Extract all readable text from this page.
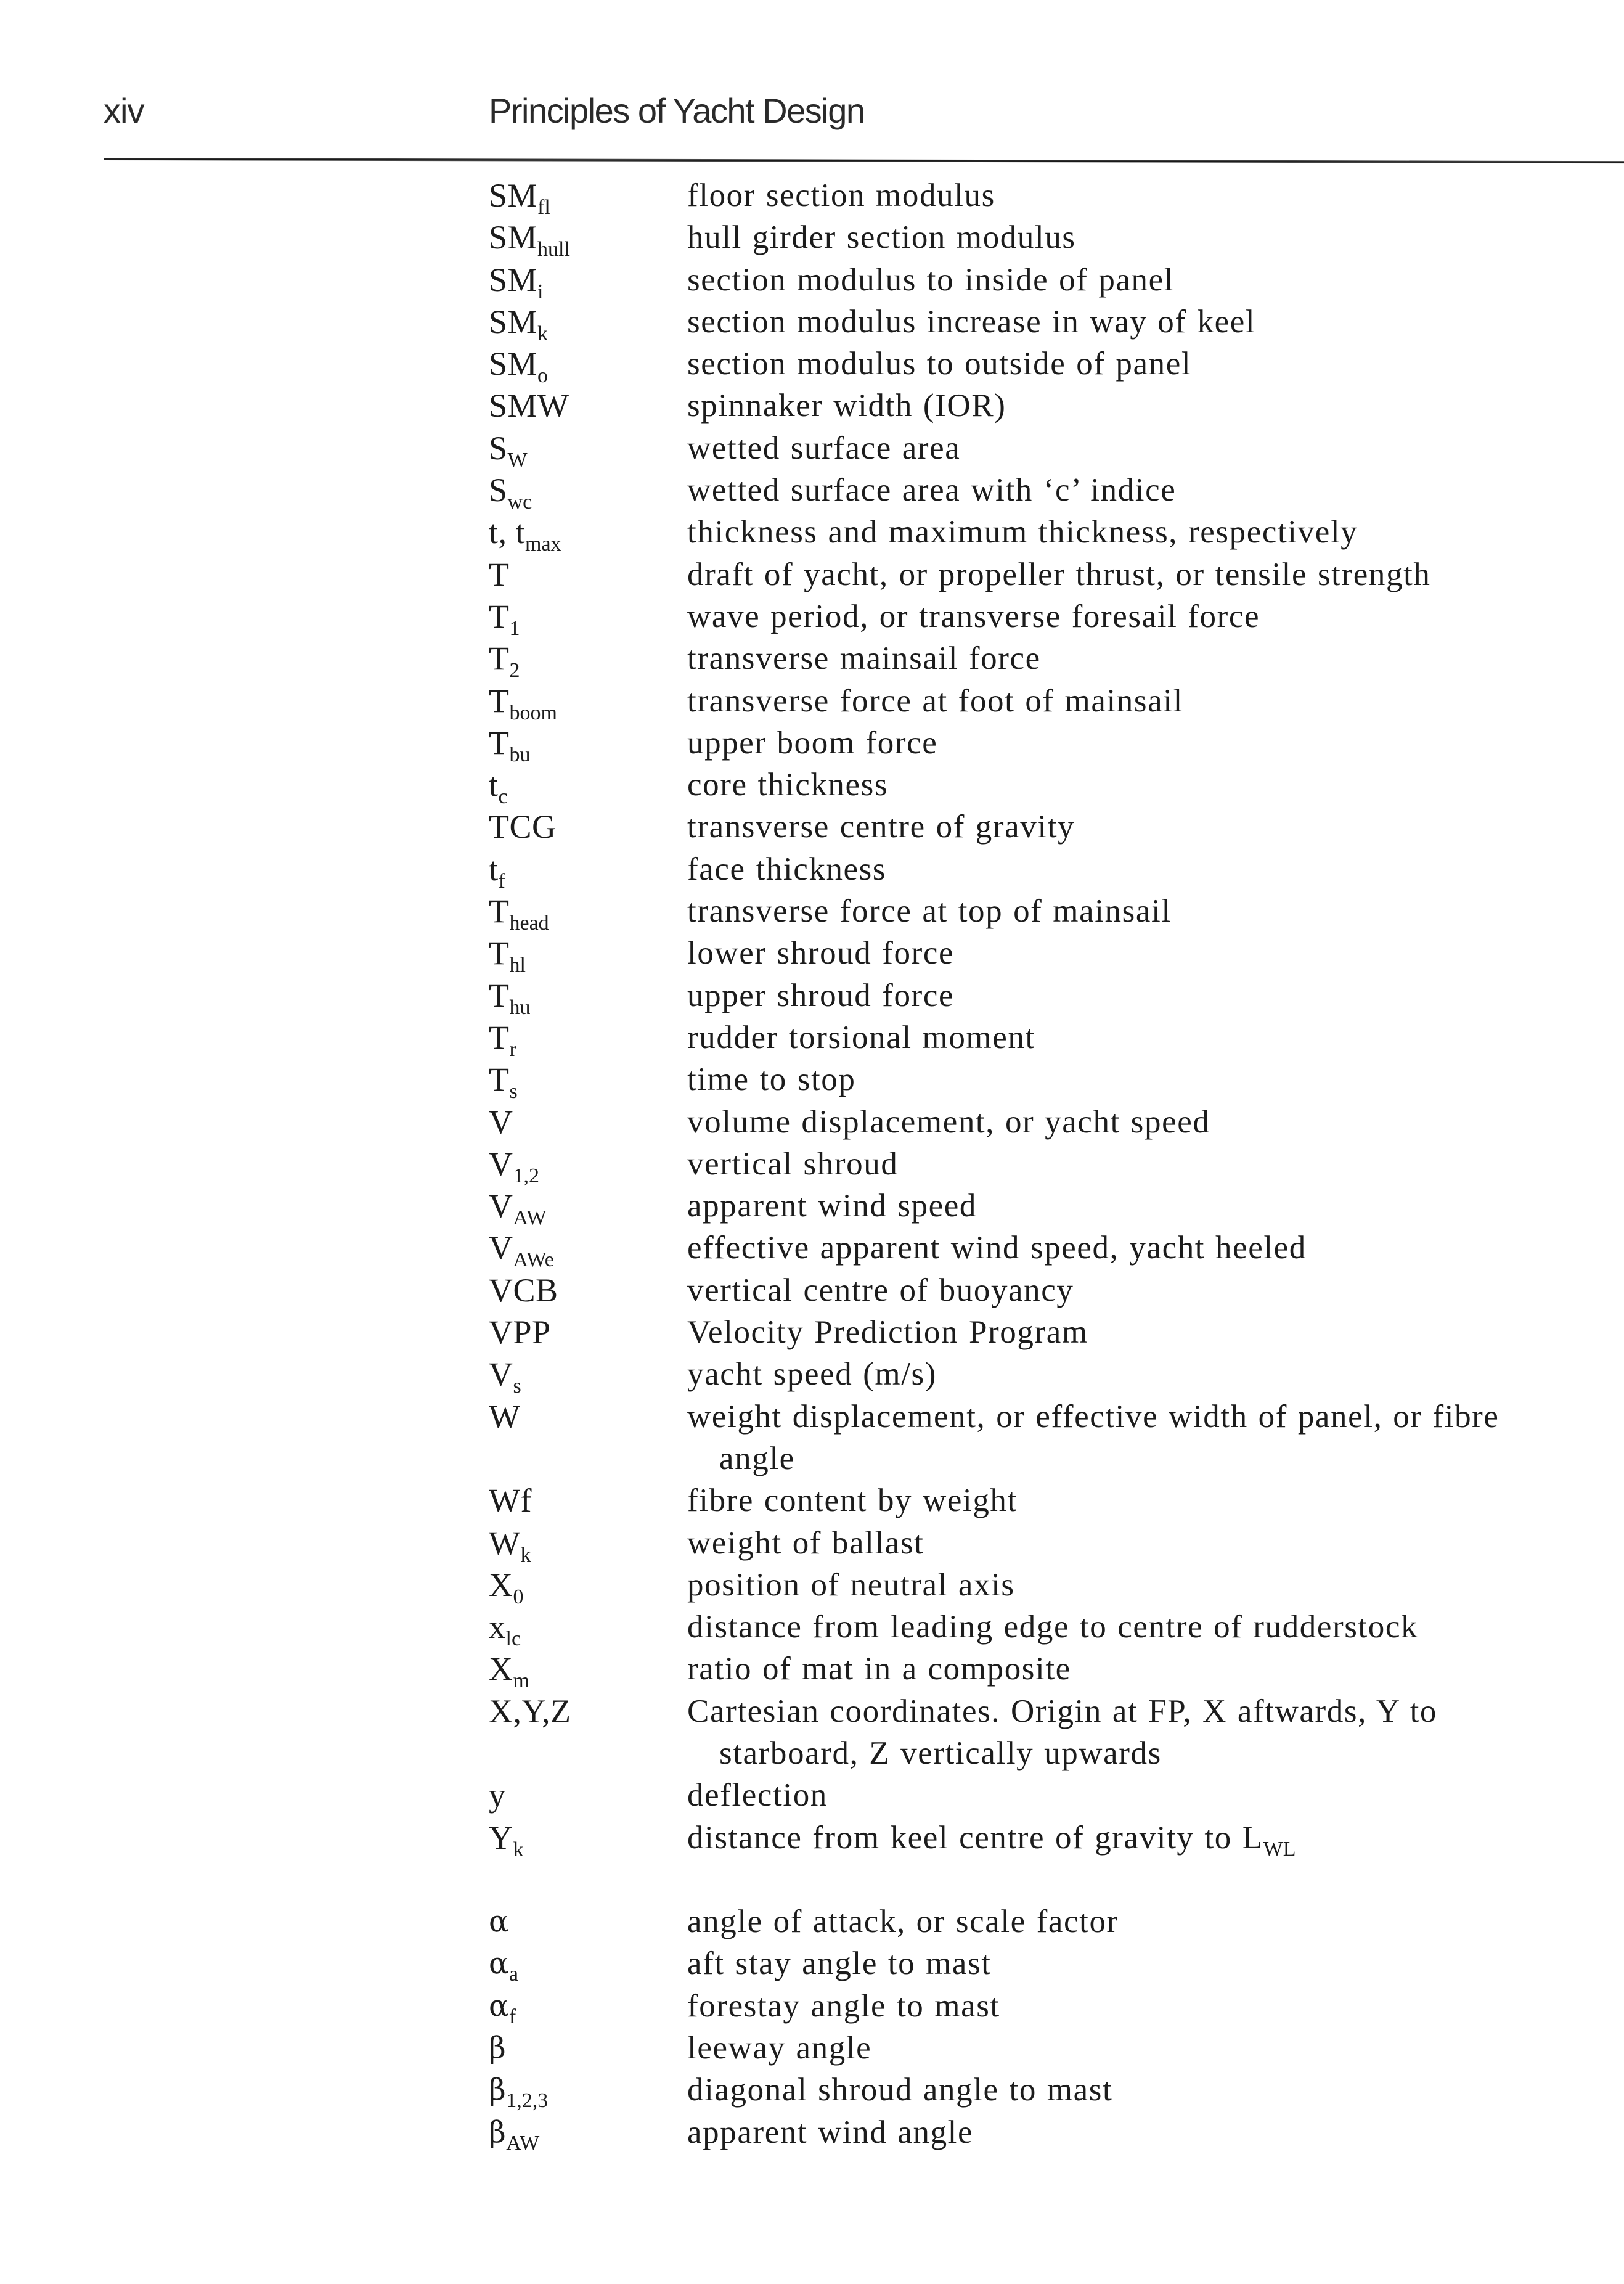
xiv	Principles of Yacht Design
$SM_{fl}$	floor section modulus
$SM_{hull}$	hull girder section modulus
$SM_i$	section modulus to inside of panel
$SM_k$	section modulus increase in way of keel
$SM_o$	section modulus to outside of panel
SMW	spinnaker width (IOR)
$S_W$	wetted surface area
$S_{wc}$	wetted surface area with ‘c’ indice
t, $t_{max}$	thickness and maximum thickness, respectively
T	draft of yacht, or propeller thrust, or tensile strength
$T_1$	wave period, or transverse foresail force
$T_2$	transverse mainsail force
$T_{boom}$	transverse force at foot of mainsail
$T_{bu}$	upper boom force
$t_c$	core thickness
TCG	transverse centre of gravity
$t_f$	face thickness
$T_{head}$	transverse force at top of mainsail
$T_{hl}$	lower shroud force
$T_{hu}$	upper shroud force
$T_r$	rudder torsional moment
$T_s$	time to stop
V	volume displacement, or yacht speed
$V_{1,2}$	vertical shroud
$V_{AW}$	apparent wind speed
$V_{AWe}$	effective apparent wind speed, yacht heeled
VCB	vertical centre of buoyancy
VPP	Velocity Prediction Program
$V_s$	yacht speed (m/s)
W	weight displacement, or effective width of panel, or fibre
angle
Wf	fibre content by weight
$W_k$	weight of ballast
$X_0$	position of neutral axis
$x_{lc}$	distance from leading edge to centre of rudderstock
$X_m$	ratio of mat in a composite
X,Y,Z	Cartesian coordinates. Origin at FP, X aftwards, Y to
starboard, Z vertically upwards
y	deflection
$Y_k$	distance from keel centre of gravity to $L_{WL}$
α	angle of attack, or scale factor
$\alpha_a$	aft stay angle to mast
$\alpha_f$	forestay angle to mast
β	leeway angle
$\beta_{1,2,3}$	diagonal shroud angle to mast
$\beta_{AW}$	apparent wind angle
